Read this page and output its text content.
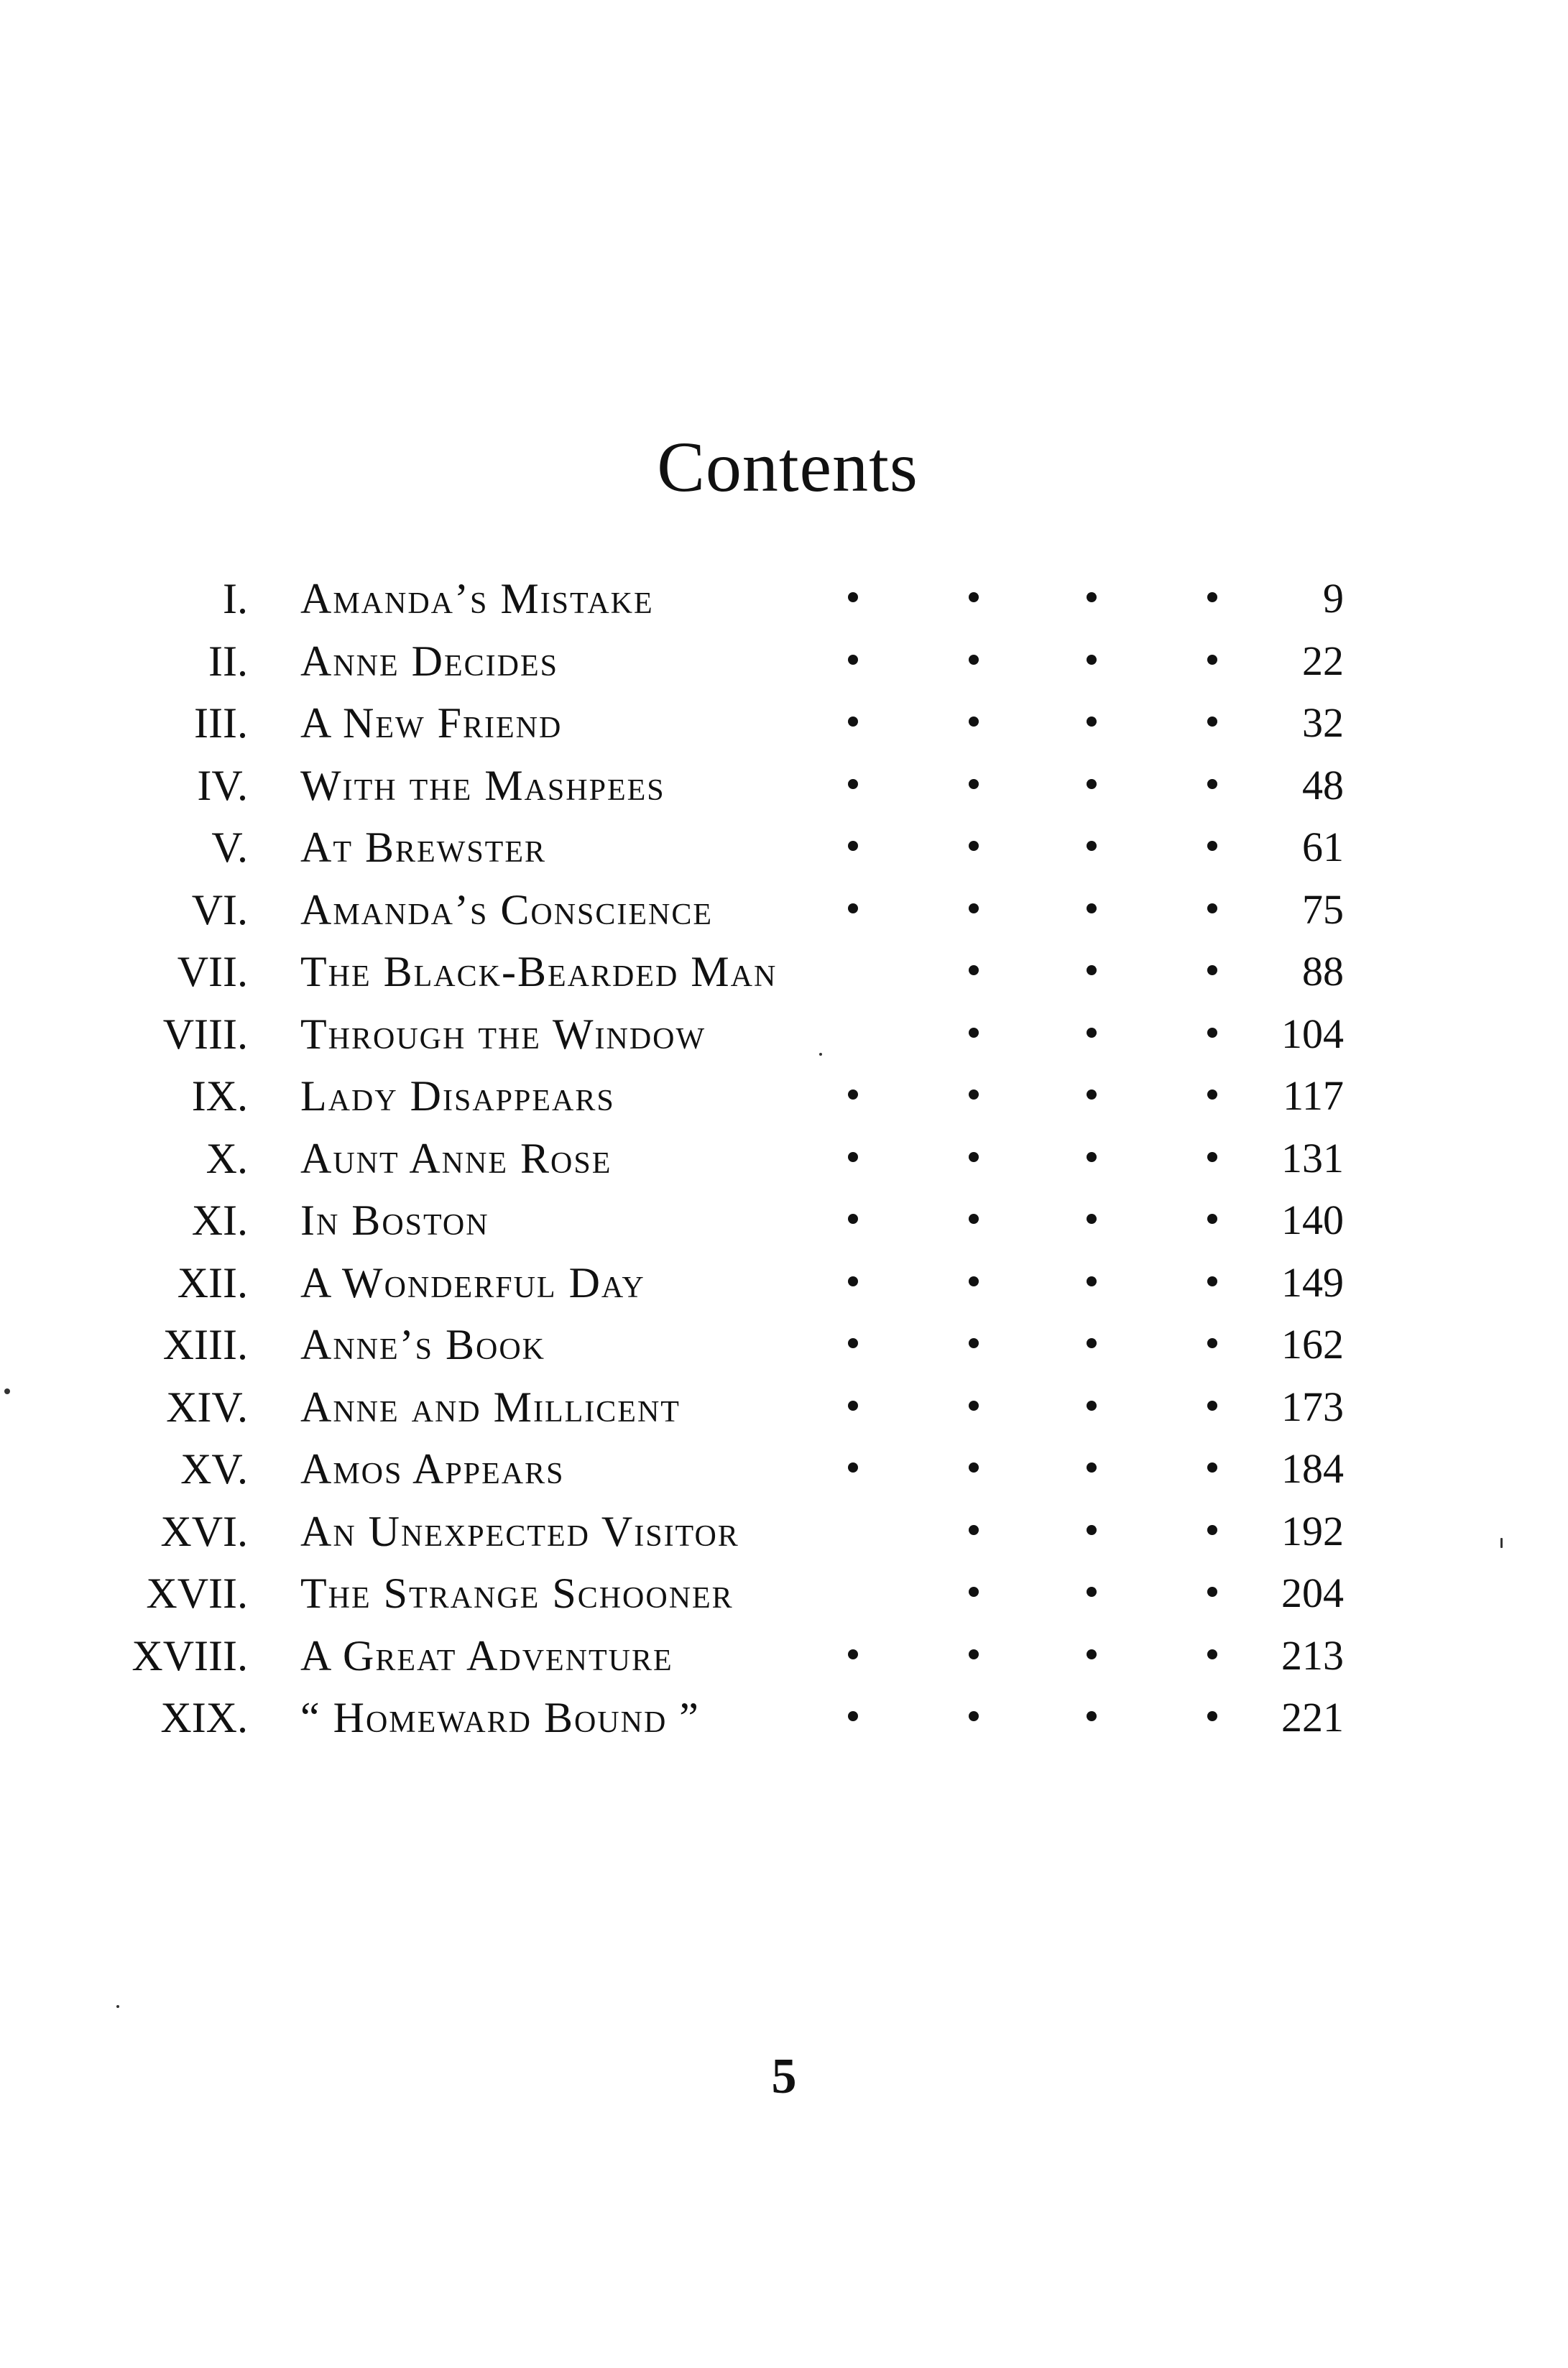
Contents
I. Amanda’s Mistake	9
II. Anne Decides	22
III. A New Friend	32
IV. With the Mashpees	48
V. At Brewster	61
VI. Amanda’s Conscience	75
VII. The Black-Bearded Man	88
VIII. Through the Window	104
IX. Lady Disappears	117
X. Aunt Anne Rose	131
XI. In Boston	140
XII. A Wonderful Day	149
XIII. Anne’s Book	162
XIV. Anne and Millicent	173
XV. Amos Appears	184
XVI. An Unexpected Visitor	192
XVII. The Strange Schooner	204
XVIII. A Great Adventure	213
XIX. “ Homeward Bound ”	221
5
